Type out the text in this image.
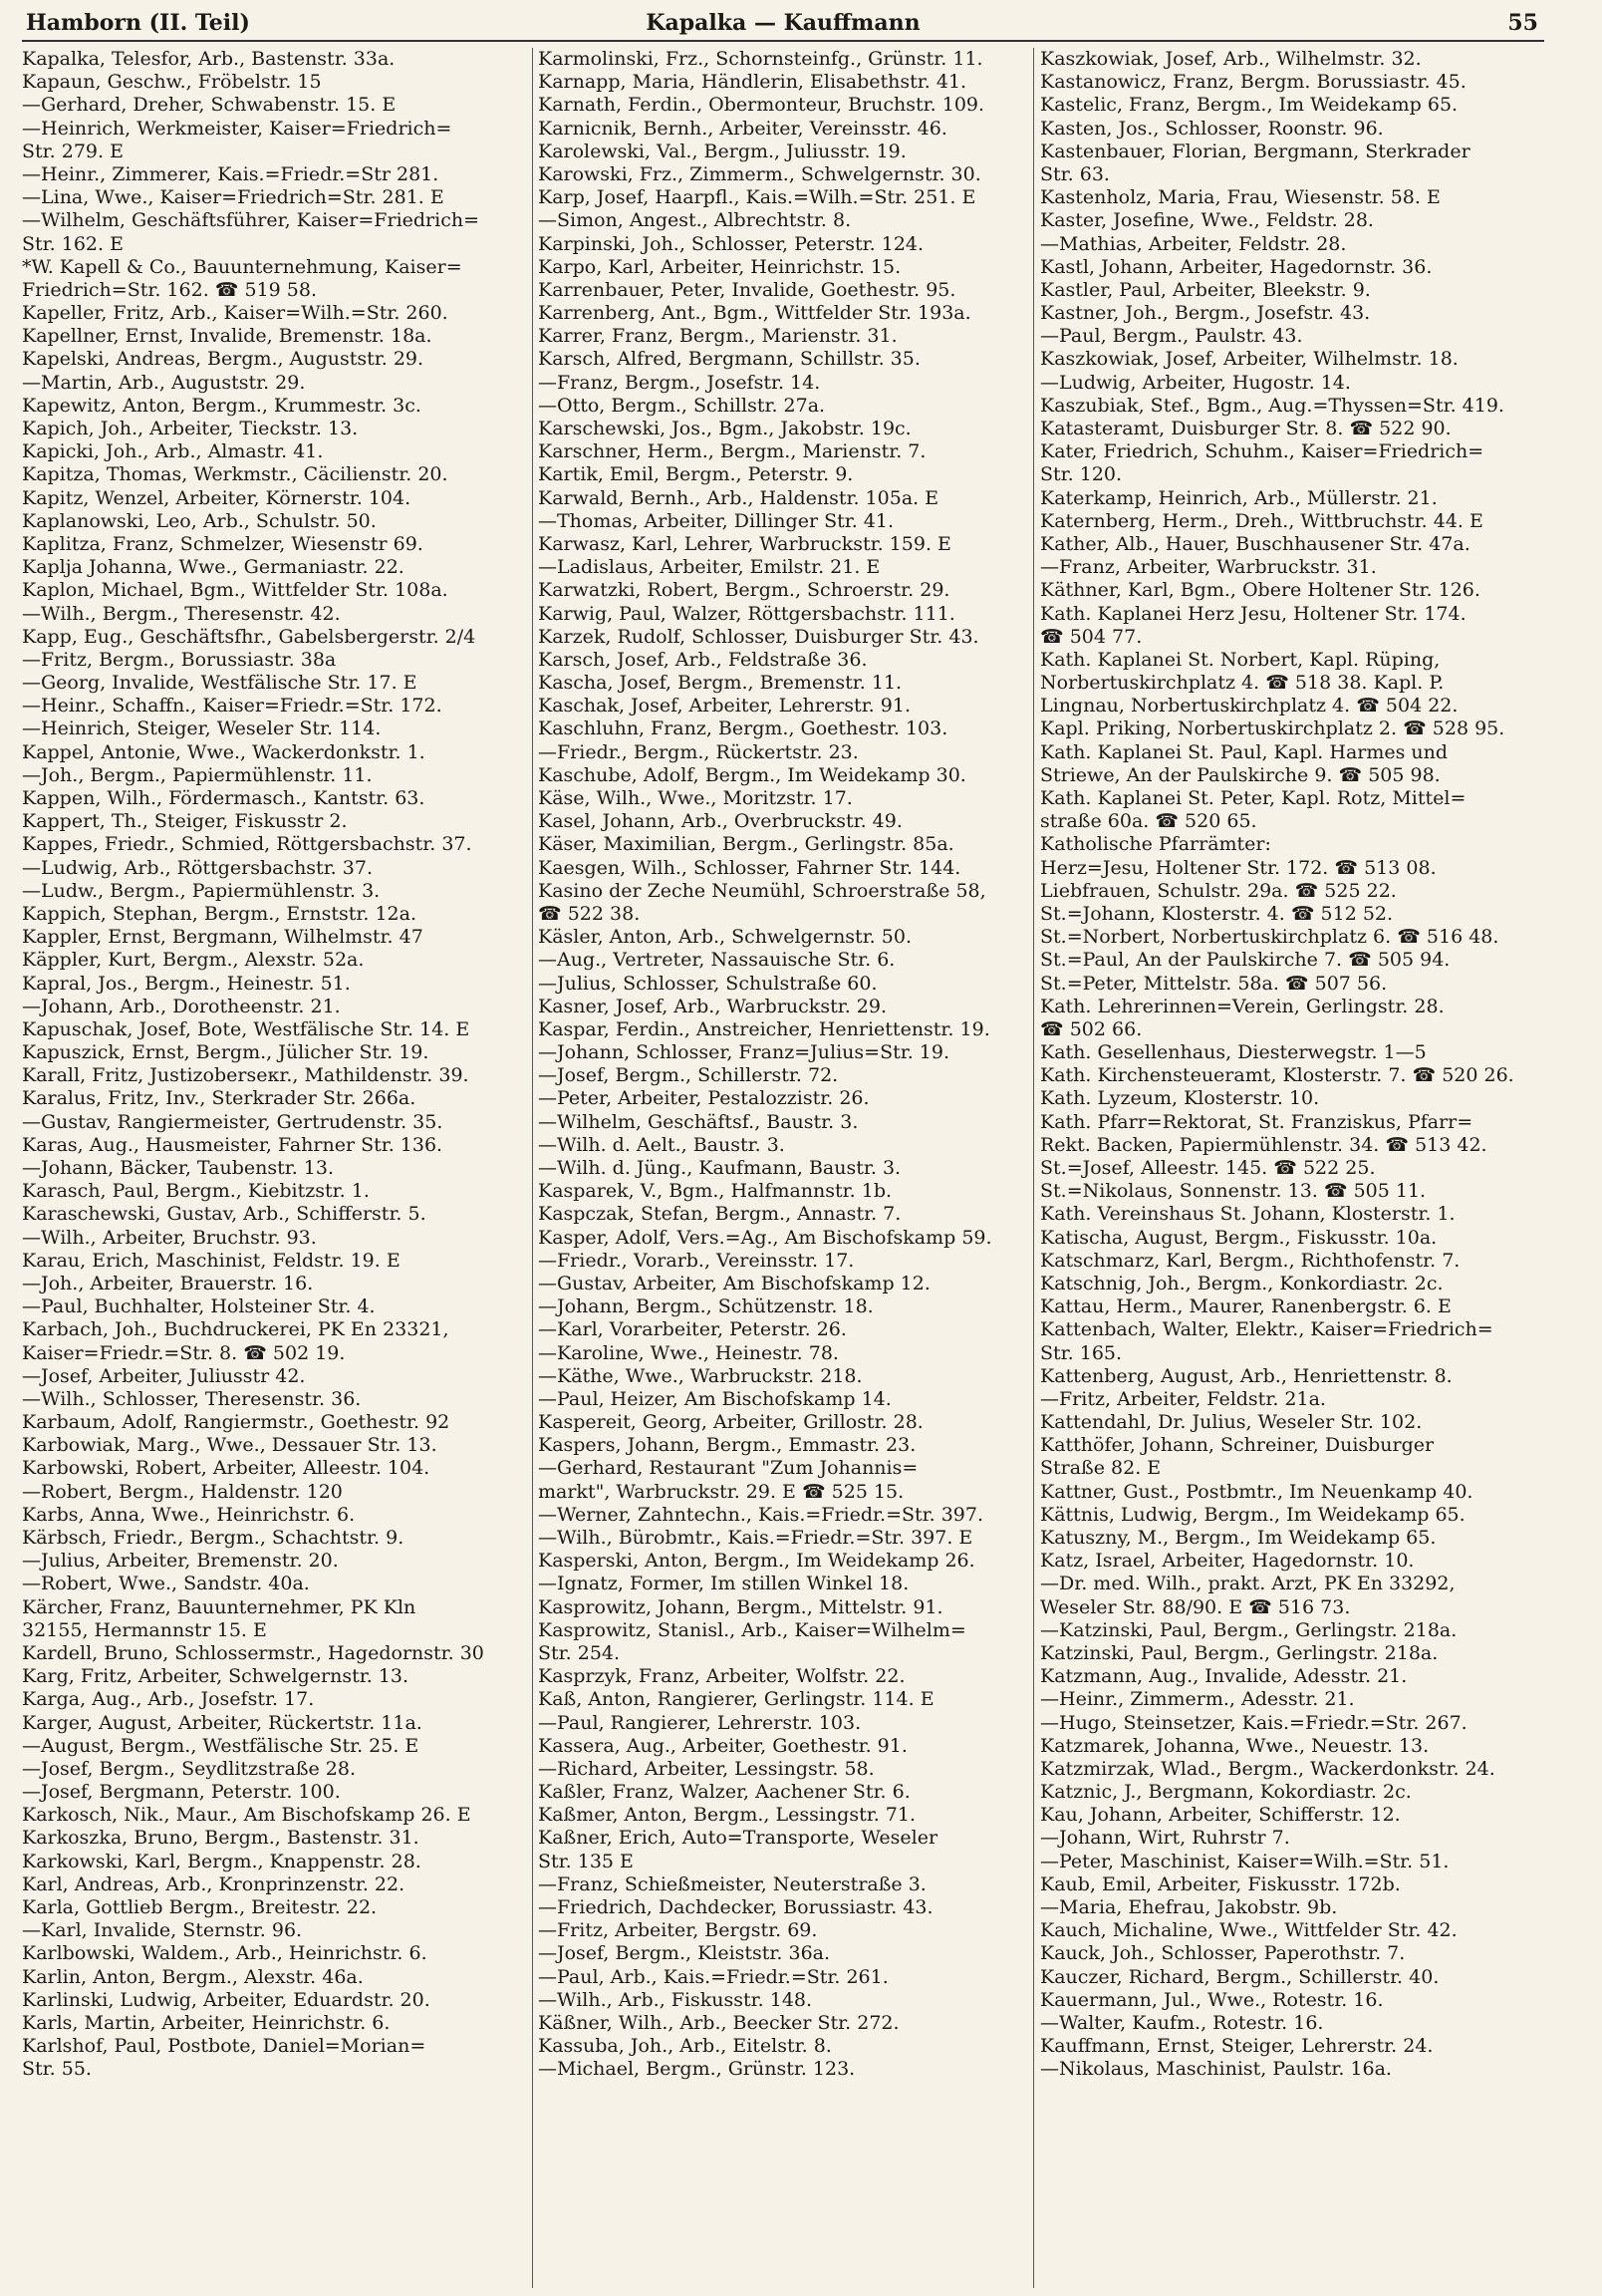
Hamborn (II. Teil)	Kapalka — Kauffmann	55
Kapalka, Telesfor, Arb., Bastenstr. 33a.
Kapaun, Geschw., Fröbelstr. 15
—Gerhard, Dreher, Schwabenstr. 15. E
—Heinrich, Werkmeister, Kaiser=Friedrich=
Str. 279. E
—Heinr., Zimmerer, Kais.=Friedr.=Str 281.
—Lina, Wwe., Kaiser=Friedrich=Str. 281. E
—Wilhelm, Geschäftsführer, Kaiser=Friedrich=
Str. 162. E
*W. Kapell & Co., Bauunternehmung, Kaiser=
Friedrich=Str. 162. ☎ 519 58.
Kapeller, Fritz, Arb., Kaiser=Wilh.=Str. 260.
Kapellner, Ernst, Invalide, Bremenstr. 18a.
Kapelski, Andreas, Bergm., Auguststr. 29.
—Martin, Arb., Auguststr. 29.
Kapewitz, Anton, Bergm., Krummestr. 3c.
Kapich, Joh., Arbeiter, Tieckstr. 13.
Kapicki, Joh., Arb., Almastr. 41.
Kapitza, Thomas, Werkmstr., Cäcilienstr. 20.
Kapitz, Wenzel, Arbeiter, Körnerstr. 104.
Kaplanowski, Leo, Arb., Schulstr. 50.
Kaplitza, Franz, Schmelzer, Wiesenstr 69.
Kaplja Johanna, Wwe., Germaniastr. 22.
Kaplon, Michael, Bgm., Wittfelder Str. 108a.
—Wilh., Bergm., Theresenstr. 42.
Kapp, Eug., Geschäftsfhr., Gabelsbergerstr. 2/4
—Fritz, Bergm., Borussiastr. 38a
—Georg, Invalide, Westfälische Str. 17. E
—Heinr., Schaffn., Kaiser=Friedr.=Str. 172.
—Heinrich, Steiger, Weseler Str. 114.
Kappel, Antonie, Wwe., Wackerdonkstr. 1.
—Joh., Bergm., Papiermühlenstr. 11.
Kappen, Wilh., Fördermasch., Kantstr. 63.
Kappert, Th., Steiger, Fiskusstr 2.
Kappes, Friedr., Schmied, Röttgersbachstr. 37.
—Ludwig, Arb., Röttgersbachstr. 37.
—Ludw., Bergm., Papiermühlenstr. 3.
Kappich, Stephan, Bergm., Ernststr. 12a.
Kappler, Ernst, Bergmann, Wilhelmstr. 47
Käppler, Kurt, Bergm., Alexstr. 52a.
Kapral, Jos., Bergm., Heinestr. 51.
—Johann, Arb., Dorotheenstr. 21.
Kapuschak, Josef, Bote, Westfälische Str. 14. E
Kapuszick, Ernst, Bergm., Jülicher Str. 19.
Karall, Fritz, Justizoberseкr., Mathildenstr. 39.
Karalus, Fritz, Inv., Sterkrader Str. 266a.
—Gustav, Rangiermeister, Gertrudenstr. 35.
Karas, Aug., Hausmeister, Fahrner Str. 136.
—Johann, Bäcker, Taubenstr. 13.
Karasch, Paul, Bergm., Kiebitzstr. 1.
Karaschewski, Gustav, Arb., Schifferstr. 5.
—Wilh., Arbeiter, Bruchstr. 93.
Karau, Erich, Maschinist, Feldstr. 19. E
—Joh., Arbeiter, Brauerstr. 16.
—Paul, Buchhalter, Holsteiner Str. 4.
Karbach, Joh., Buchdruckerei, PK En 23321,
Kaiser=Friedr.=Str. 8. ☎ 502 19.
—Josef, Arbeiter, Juliusstr 42.
—Wilh., Schlosser, Theresenstr. 36.
Karbaum, Adolf, Rangiermstr., Goethestr. 92
Karbowiak, Marg., Wwe., Dessauer Str. 13.
Karbowski, Robert, Arbeiter, Alleestr. 104.
—Robert, Bergm., Haldenstr. 120
Karbs, Anna, Wwe., Heinrichstr. 6.
Kärbsch, Friedr., Bergm., Schachtstr. 9.
—Julius, Arbeiter, Bremenstr. 20.
—Robert, Wwe., Sandstr. 40a.
Kärcher, Franz, Bauunternehmer, PK Kln
32155, Hermannstr 15. E
Kardell, Bruno, Schlossermstr., Hagedornstr. 30
Karg, Fritz, Arbeiter, Schwelgernstr. 13.
Karga, Aug., Arb., Josefstr. 17.
Karger, August, Arbeiter, Rückertstr. 11a.
—August, Bergm., Westfälische Str. 25. E
—Josef, Bergm., Seydlitzstraße 28.
—Josef, Bergmann, Peterstr. 100.
Karkosch, Nik., Maur., Am Bischofskamp 26. E
Karkoszka, Bruno, Bergm., Bastenstr. 31.
Karkowski, Karl, Bergm., Knappenstr. 28.
Karl, Andreas, Arb., Kronprinzenstr. 22.
Karla, Gottlieb Bergm., Breitestr. 22.
—Karl, Invalide, Sternstr. 96.
Karlbowski, Waldem., Arb., Heinrichstr. 6.
Karlin, Anton, Bergm., Alexstr. 46a.
Karlinski, Ludwig, Arbeiter, Eduardstr. 20.
Karls, Martin, Arbeiter, Heinrichstr. 6.
Karlshof, Paul, Postbote, Daniel=Morian=
Str. 55.
Karmolinski, Frz., Schornsteinfg., Grünstr. 11.
Karnapp, Maria, Händlerin, Elisabethstr. 41.
Karnath, Ferdin., Obermonteur, Bruchstr. 109.
Karnicnik, Bernh., Arbeiter, Vereinsstr. 46.
Karolewski, Val., Bergm., Juliusstr. 19.
Karowski, Frz., Zimmerm., Schwelgernstr. 30.
Karp, Josef, Haarpfl., Kais.=Wilh.=Str. 251. E
—Simon, Angest., Albrechtstr. 8.
Karpinski, Joh., Schlosser, Peterstr. 124.
Karpo, Karl, Arbeiter, Heinrichstr. 15.
Karrenbauer, Peter, Invalide, Goethestr. 95.
Karrenberg, Ant., Bgm., Wittfelder Str. 193a.
Karrer, Franz, Bergm., Marienstr. 31.
Karsch, Alfred, Bergmann, Schillstr. 35.
—Franz, Bergm., Josefstr. 14.
—Otto, Bergm., Schillstr. 27a.
Karschewski, Jos., Bgm., Jakobstr. 19c.
Karschner, Herm., Bergm., Marienstr. 7.
Kartik, Emil, Bergm., Peterstr. 9.
Karwald, Bernh., Arb., Haldenstr. 105a. E
—Thomas, Arbeiter, Dillinger Str. 41.
Karwasz, Karl, Lehrer, Warbruckstr. 159. E
—Ladislaus, Arbeiter, Emilstr. 21. E
Karwatzki, Robert, Bergm., Schroerstr. 29.
Karwig, Paul, Walzer, Röttgersbachstr. 111.
Karzek, Rudolf, Schlosser, Duisburger Str. 43.
Karsch, Josef, Arb., Feldstraße 36.
Kascha, Josef, Bergm., Bremenstr. 11.
Kaschak, Josef, Arbeiter, Lehrerstr. 91.
Kaschluhn, Franz, Bergm., Goethestr. 103.
—Friedr., Bergm., Rückertstr. 23.
Kaschube, Adolf, Bergm., Im Weidekamp 30.
Käse, Wilh., Wwe., Moritzstr. 17.
Kasel, Johann, Arb., Overbruckstr. 49.
Käser, Maximilian, Bergm., Gerlingstr. 85a.
Kaesgen, Wilh., Schlosser, Fahrner Str. 144.
Kasino der Zeche Neumühl, Schroerstraße 58,
☎ 522 38.
Käsler, Anton, Arb., Schwelgernstr. 50.
—Aug., Vertreter, Nassauische Str. 6.
—Julius, Schlosser, Schulstraße 60.
Kasner, Josef, Arb., Warbruckstr. 29.
Kaspar, Ferdin., Anstreicher, Henriettenstr. 19.
—Johann, Schlosser, Franz=Julius=Str. 19.
—Josef, Bergm., Schillerstr. 72.
—Peter, Arbeiter, Pestalozzistr. 26.
—Wilhelm, Geschäftsf., Baustr. 3.
—Wilh. d. Aelt., Baustr. 3.
—Wilh. d. Jüng., Kaufmann, Baustr. 3.
Kasparek, V., Bgm., Halfmannstr. 1b.
Kaspczak, Stefan, Bergm., Annastr. 7.
Kasper, Adolf, Vers.=Ag., Am Bischofskamp 59.
—Friedr., Vorarb., Vereinsstr. 17.
—Gustav, Arbeiter, Am Bischofskamp 12.
—Johann, Bergm., Schützenstr. 18.
—Karl, Vorarbeiter, Peterstr. 26.
—Karoline, Wwe., Heinestr. 78.
—Käthe, Wwe., Warbruckstr. 218.
—Paul, Heizer, Am Bischofskamp 14.
Kaspereit, Georg, Arbeiter, Grillostr. 28.
Kaspers, Johann, Bergm., Emmastr. 23.
—Gerhard, Restaurant "Zum Johannis=
markt", Warbruckstr. 29. E ☎ 525 15.
—Werner, Zahntechn., Kais.=Friedr.=Str. 397.
—Wilh., Bürobmtr., Kais.=Friedr.=Str. 397. E
Kasperski, Anton, Bergm., Im Weidekamp 26.
—Ignatz, Former, Im stillen Winkel 18.
Kasprowitz, Johann, Bergm., Mittelstr. 91.
Kasprowitz, Stanisl., Arb., Kaiser=Wilhelm=
Str. 254.
Kasprzyk, Franz, Arbeiter, Wolfstr. 22.
Kaß, Anton, Rangierer, Gerlingstr. 114. E
—Paul, Rangierer, Lehrerstr. 103.
Kassera, Aug., Arbeiter, Goethestr. 91.
—Richard, Arbeiter, Lessingstr. 58.
Kaßler, Franz, Walzer, Aachener Str. 6.
Kaßmer, Anton, Bergm., Lessingstr. 71.
Kaßner, Erich, Auto=Transporte, Weseler
Str. 135 E
—Franz, Schießmeister, Neuterstraße 3.
—Friedrich, Dachdecker, Borussiastr. 43.
—Fritz, Arbeiter, Bergstr. 69.
—Josef, Bergm., Kleiststr. 36a.
—Paul, Arb., Kais.=Friedr.=Str. 261.
—Wilh., Arb., Fiskusstr. 148.
Käßner, Wilh., Arb., Beecker Str. 272.
Kassuba, Joh., Arb., Eitelstr. 8.
—Michael, Bergm., Grünstr. 123.
Kaszkowiak, Josef, Arb., Wilhelmstr. 32.
Kastanowicz, Franz, Bergm. Borussiastr. 45.
Kastelic, Franz, Bergm., Im Weidekamp 65.
Kasten, Jos., Schlosser, Roonstr. 96.
Kastenbauer, Florian, Bergmann, Sterkrader
Str. 63.
Kastenholz, Maria, Frau, Wiesenstr. 58. E
Kaster, Josefine, Wwe., Feldstr. 28.
—Mathias, Arbeiter, Feldstr. 28.
Kastl, Johann, Arbeiter, Hagedornstr. 36.
Kastler, Paul, Arbeiter, Bleekstr. 9.
Kastner, Joh., Bergm., Josefstr. 43.
—Paul, Bergm., Paulstr. 43.
Kaszkowiak, Josef, Arbeiter, Wilhelmstr. 18.
—Ludwig, Arbeiter, Hugostr. 14.
Kaszubiak, Stef., Bgm., Aug.=Thyssen=Str. 419.
Katasteramt, Duisburger Str. 8. ☎ 522 90.
Kater, Friedrich, Schuhm., Kaiser=Friedrich=
Str. 120.
Katerkamp, Heinrich, Arb., Müllerstr. 21.
Katernberg, Herm., Dreh., Wittbruchstr. 44. E
Kather, Alb., Hauer, Buschhausener Str. 47a.
—Franz, Arbeiter, Warbruckstr. 31.
Käthner, Karl, Bgm., Obere Holtener Str. 126.
Kath. Kaplanei Herz Jesu, Holtener Str. 174.
☎ 504 77.
Kath. Kaplanei St. Norbert, Kapl. Rüping,
Norbertuskirchplatz 4. ☎ 518 38. Kapl. P.
Lingnau, Norbertuskirchplatz 4. ☎ 504 22.
Kapl. Priking, Norbertuskirchplatz 2. ☎ 528 95.
Kath. Kaplanei St. Paul, Kapl. Harmes und
Striewe, An der Paulskirche 9. ☎ 505 98.
Kath. Kaplanei St. Peter, Kapl. Rotz, Mittel=
straße 60a. ☎ 520 65.
Katholische Pfarrämter:
Herz=Jesu, Holtener Str. 172. ☎ 513 08.
Liebfrauen, Schulstr. 29a. ☎ 525 22.
St.=Johann, Klosterstr. 4. ☎ 512 52.
St.=Norbert, Norbertuskirchplatz 6. ☎ 516 48.
St.=Paul, An der Paulskirche 7. ☎ 505 94.
St.=Peter, Mittelstr. 58a. ☎ 507 56.
Kath. Lehrerinnen=Verein, Gerlingstr. 28.
☎ 502 66.
Kath. Gesellenhaus, Diesterwegstr. 1—5
Kath. Kirchensteueramt, Klosterstr. 7. ☎ 520 26.
Kath. Lyzeum, Klosterstr. 10.
Kath. Pfarr=Rektorat, St. Franziskus, Pfarr=
Rekt. Backen, Papiermühlenstr. 34. ☎ 513 42.
St.=Josef, Alleestr. 145. ☎ 522 25.
St.=Nikolaus, Sonnenstr. 13. ☎ 505 11.
Kath. Vereinshaus St. Johann, Klosterstr. 1.
Katischa, August, Bergm., Fiskusstr. 10a.
Katschmarz, Karl, Bergm., Richthofenstr. 7.
Katschnig, Joh., Bergm., Konkordiastr. 2c.
Kattau, Herm., Maurer, Ranenbergstr. 6. E
Kattenbach, Walter, Elektr., Kaiser=Friedrich=
Str. 165.
Kattenberg, August, Arb., Henriettenstr. 8.
—Fritz, Arbeiter, Feldstr. 21a.
Kattendahl, Dr. Julius, Weseler Str. 102.
Katthöfer, Johann, Schreiner, Duisburger
Straße 82. E
Kattner, Gust., Postbmtr., Im Neuenkamp 40.
Kättnis, Ludwig, Bergm., Im Weidekamp 65.
Katuszny, M., Bergm., Im Weidekamp 65.
Katz, Israel, Arbeiter, Hagedornstr. 10.
—Dr. med. Wilh., prakt. Arzt, PK En 33292,
Weseler Str. 88/90. E ☎ 516 73.
—Katzinski, Paul, Bergm., Gerlingstr. 218a.
Katzinski, Paul, Bergm., Gerlingstr. 218a.
Katzmann, Aug., Invalide, Adesstr. 21.
—Heinr., Zimmerm., Adesstr. 21.
—Hugo, Steinsetzer, Kais.=Friedr.=Str. 267.
Katzmarek, Johanna, Wwe., Neuestr. 13.
Katzmirzak, Wlad., Bergm., Wackerdonkstr. 24.
Katznic, J., Bergmann, Kokordiastr. 2c.
Kau, Johann, Arbeiter, Schifferstr. 12.
—Johann, Wirt, Ruhrstr 7.
—Peter, Maschinist, Kaiser=Wilh.=Str. 51.
Kaub, Emil, Arbeiter, Fiskusstr. 172b.
—Maria, Ehefrau, Jakobstr. 9b.
Kauch, Michaline, Wwe., Wittfelder Str. 42.
Kauck, Joh., Schlosser, Paperothstr. 7.
Kauczer, Richard, Bergm., Schillerstr. 40.
Kauermann, Jul., Wwe., Rotestr. 16.
—Walter, Kaufm., Rotestr. 16.
Kauffmann, Ernst, Steiger, Lehrerstr. 24.
—Nikolaus, Maschinist, Paulstr. 16a.
